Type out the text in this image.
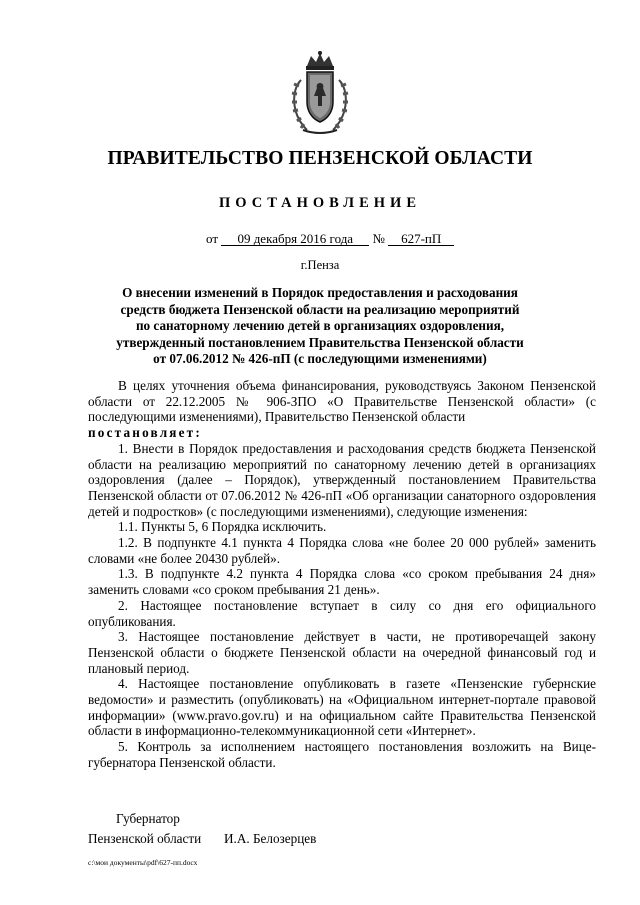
ПРАВИТЕЛЬСТВО ПЕНЗЕНСКОЙ ОБЛАСТИ
ПОСТАНОВЛЕНИЕ
от 09 декабря 2016 года № 627-пП
г.Пенза
О внесении изменений в Порядок предоставления и расходования
средств бюджета Пензенской области на реализацию мероприятий
по санаторному лечению детей в организациях оздоровления,
утвержденный постановлением Правительства Пензенской области
от 07.06.2012 № 426-пП (с последующими изменениями)

В целях уточнения объема финансирования, руководствуясь Законом Пензенской области от 22.12.2005 № 906-ЗПО «О Правительстве Пензенской области» (с последующими изменениями), Правительство Пензенской области

постановляет:

1. Внести в Порядок предоставления и расходования средств бюджета Пензенской области на реализацию мероприятий по санаторному лечению детей в организациях оздоровления (далее – Порядок), утвержденный постановлением Правительства Пензенской области от 07.06.2012 № 426-пП «Об организации санаторного оздоровления детей и подростков» (с последующими изменениями), следующие изменения:

1.1. Пункты 5, 6 Порядка исключить.

1.2. В подпункте 4.1 пункта 4 Порядка слова «не более 20 000 рублей» заменить словами «не более 20430 рублей».

1.3. В подпункте 4.2 пункта 4 Порядка слова «со сроком пребывания 24 дня» заменить словами «со сроком пребывания 21 день».

2. Настоящее постановление вступает в силу со дня его официального опубликования.

3. Настоящее постановление действует в части, не противоречащей закону Пензенской области о бюджете Пензенской области на очередной финансовый год и плановый период.

4. Настоящее постановление опубликовать в газете «Пензенские губернские ведомости» и разместить (опубликовать) на «Официальном интернет-портале правовой информации» (www.pravo.gov.ru) и на официальном сайте Правительства Пензенской области в информационно-телекоммуникационной сети «Интернет».

5. Контроль за исполнением настоящего постановления возложить на Вице-губернатора Пензенской области.

Губернатор
Пензенской области	И.А. Белозерцев
c:\мои документы\pdf\627-пп.docx
